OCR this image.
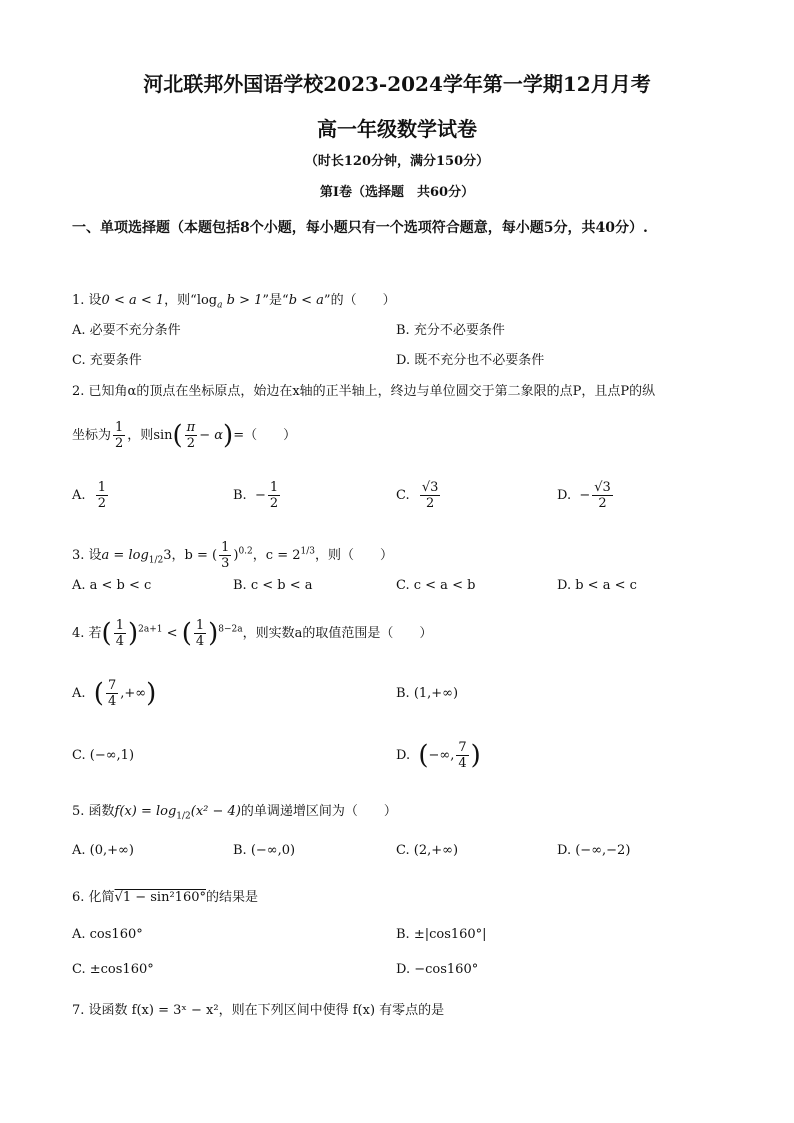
河北联邦外国语学校2023-2024学年第一学期12月月考
高一年级数学试卷
（时长120分钟，满分150分）
第Ⅰ卷（选择题　共60分）
一、单项选择题（本题包括8个小题，每小题只有一个选项符合题意，每小题5分，共40分）.
1. 设0 < a < 1，则“$\log_a$ b > 1”是“b < a”的（　　）
A. 必要不充分条件	B. 充分不必要条件
C. 充要条件	D. 既不充分也不必要条件
2. 已知角α的顶点在坐标原点，始边在x轴的正半轴上，终边与单位圆交于第二象限的点P，且点P的纵
坐标为 $\frac{1}{2}$ ，则$\sin( \frac{\pi}{2} - \alpha)=$（　　）
A. $\frac{1}{2}$	B. − $\frac{1}{2}$	C. $\frac{√3}{2}$	D. − $\frac{√3}{2}$
3. 设$a = \log_{1/2}3$，b = ( $\frac{1}{3} )^{0.2}$，$c = 2^{1/3}$，则（　　）
A. a < b < c	B. c < b < a	C. c < a < b	D. b < a < c
4. 若( $\frac{1}{4} )^{2a+1}$ < ( $\frac{1}{4} )^{8-2a}$，则实数a的取值范围是（　　）
A. ( $\frac{7}{4}$ ,+∞)	B. (1,+∞)
C. (−∞,1)	D. (−∞, $\frac{7}{4}$ )
5. 函数$f(x) = \log_{1/2}(x^2 - 4)$的单调递增区间为（　　）
A. (0,+∞)	B. (−∞,0)	C. (2,+∞)	D. (−∞,−2)
6. 化简√1 − sin²160°的结果是
A. cos160°	B. ±|cos160°|
C. ±cos160°	D. −cos160°
7. 设函数 f(x) = 3ˣ − x²，则在下列区间中使得 f(x) 有零点的是
